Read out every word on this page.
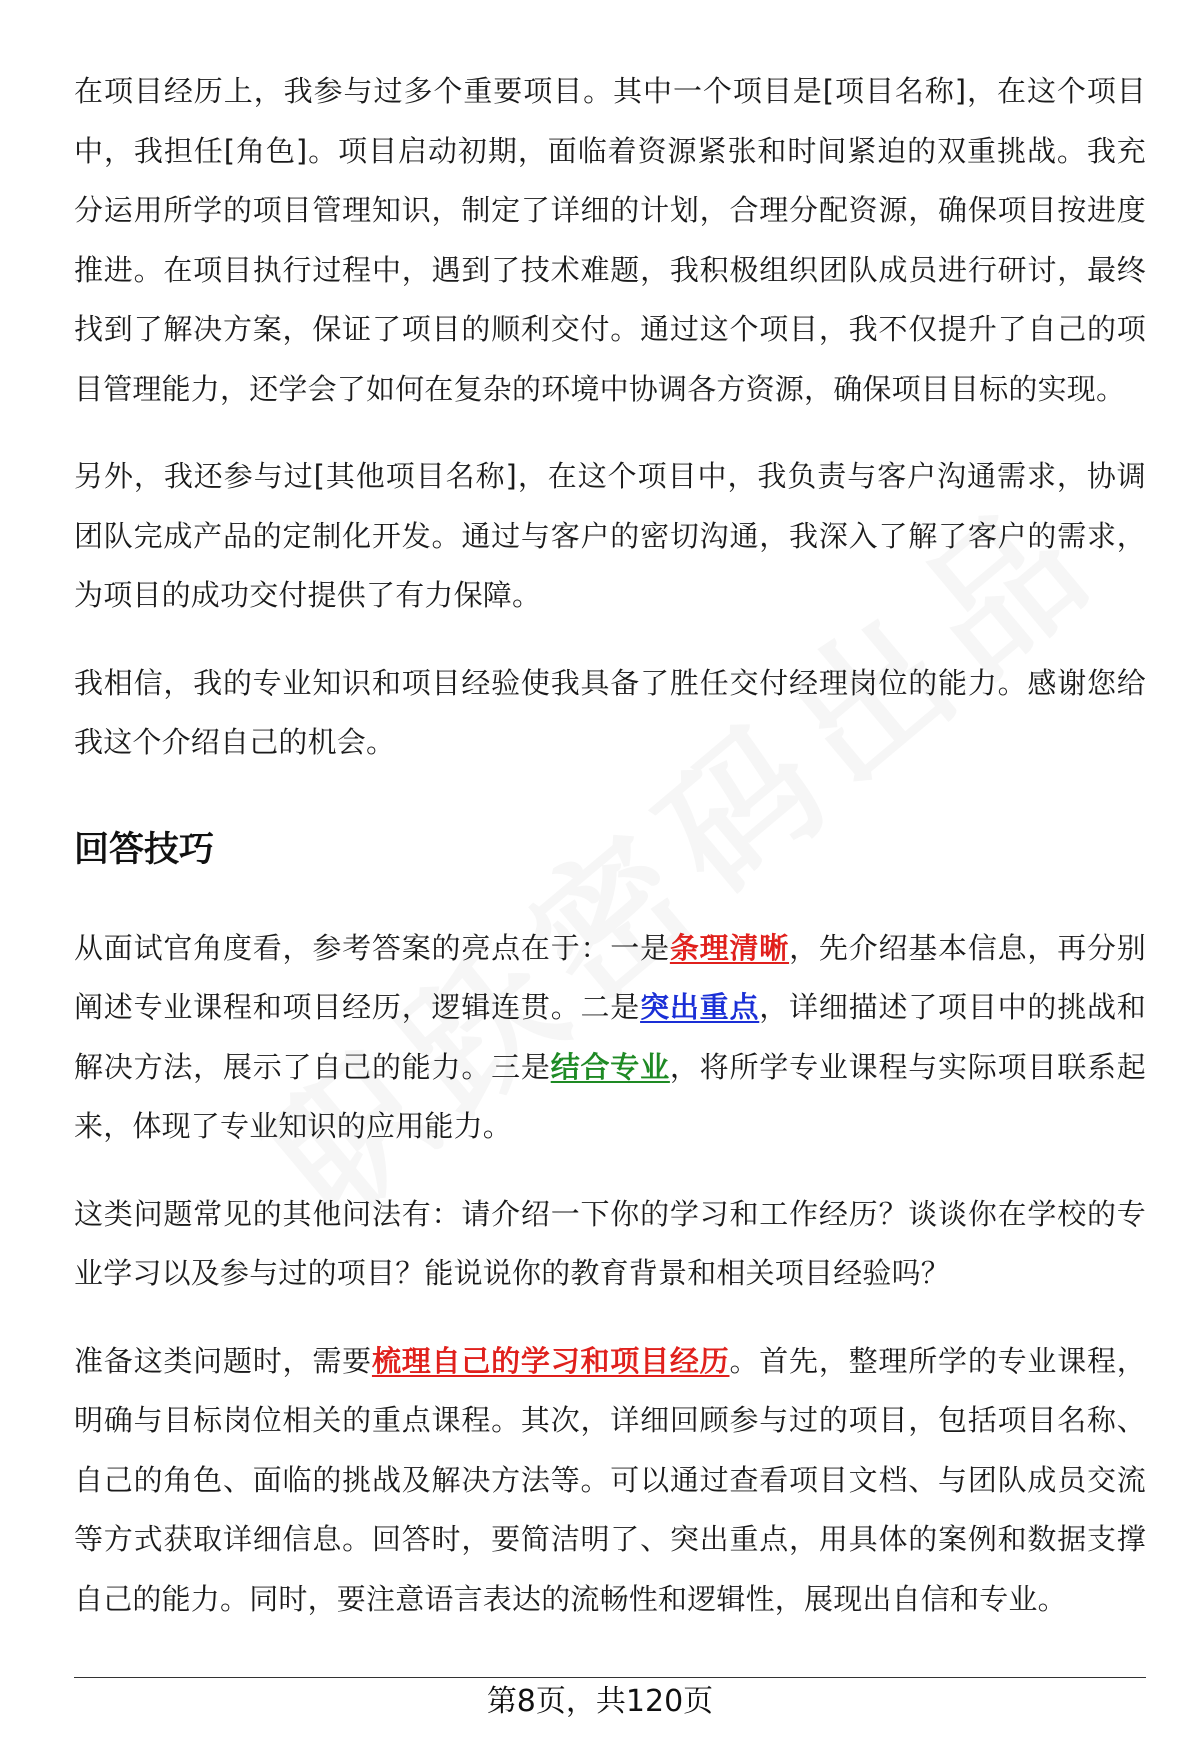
在项目经历上，我参与过多个重要项目。其中一个项目是[项目名称]，在这个项目中，我担任[角色]。项目启动初期，面临着资源紧张和时间紧迫的双重挑战。我充分运用所学的项目管理知识，制定了详细的计划，合理分配资源，确保项目按进度推进。在项目执行过程中，遇到了技术难题，我积极组织团队成员进行研讨，最终找到了解决方案，保证了项目的顺利交付。通过这个项目，我不仅提升了自己的项目管理能力，还学会了如何在复杂的环境中协调各方资源，确保项目目标的实现。

另外，我还参与过[其他项目名称]，在这个项目中，我负责与客户沟通需求，协调团队完成产品的定制化开发。通过与客户的密切沟通，我深入了解了客户的需求，为项目的成功交付提供了有力保障。

我相信，我的专业知识和项目经验使我具备了胜任交付经理岗位的能力。感谢您给我这个介绍自己的机会。

回答技巧

从面试官角度看，参考答案的亮点在于：一是条理清晰，先介绍基本信息，再分别阐述专业课程和项目经历，逻辑连贯。二是突出重点，详细描述了项目中的挑战和解决方法，展示了自己的能力。三是结合专业，将所学专业课程与实际项目联系起来，体现了专业知识的应用能力。

这类问题常见的其他问法有：请介绍一下你的学习和工作经历？谈谈你在学校的专业学习以及参与过的项目？能说说你的教育背景和相关项目经验吗？

准备这类问题时，需要梳理自己的学习和项目经历。首先，整理所学的专业课程，明确与目标岗位相关的重点课程。其次，详细回顾参与过的项目，包括项目名称、自己的角色、面临的挑战及解决方法等。可以通过查看项目文档、与团队成员交流等方式获取详细信息。回答时，要简洁明了、突出重点，用具体的案例和数据支撑自己的能力。同时，要注意语言表达的流畅性和逻辑性，展现出自信和专业。

第8页，共120页
